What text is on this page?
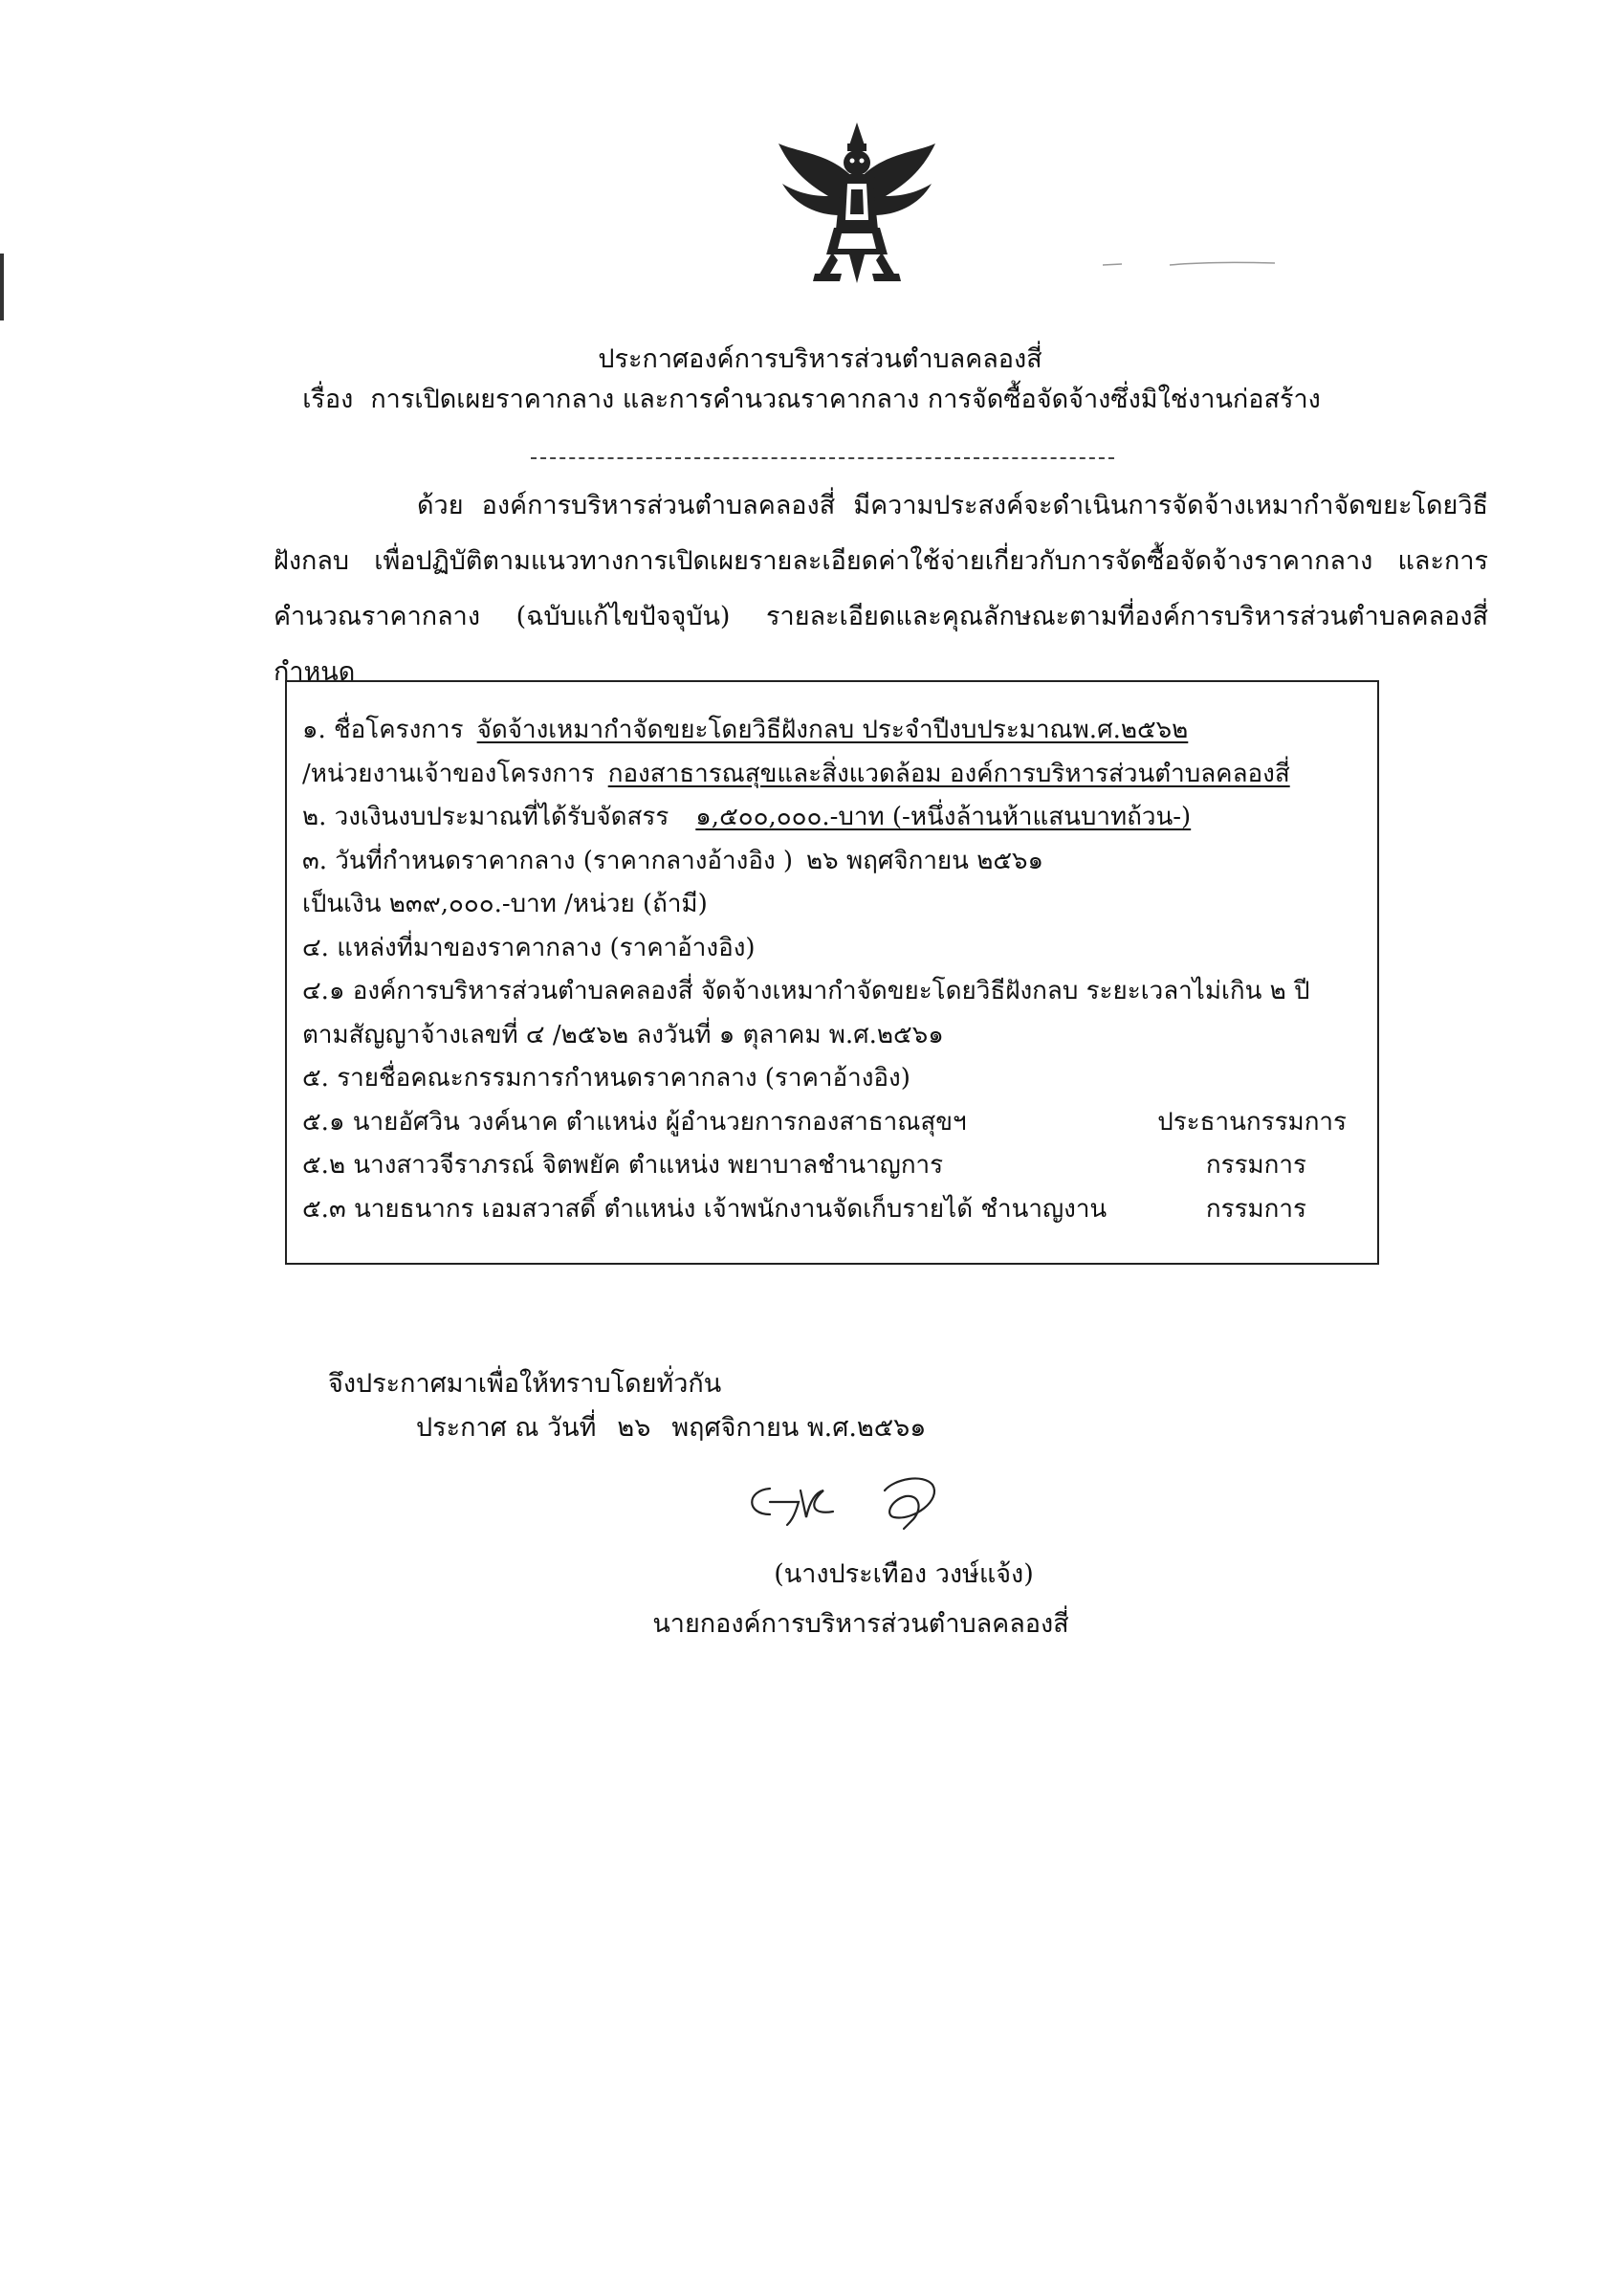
ประกาศองค์การบริหารส่วนตำบลคลองสี่
เรื่อง การเปิดเผยราคากลาง และการคำนวณราคากลาง การจัดซื้อจัดจ้างซึ่งมิใช่งานก่อสร้าง
ด้วย องค์การบริหารส่วนตำบลคลองสี่ มีความประสงค์จะดำเนินการจัดจ้างเหมากำจัดขยะโดยวิธีฝังกลบ เพื่อปฏิบัติตามแนวทางการเปิดเผยรายละเอียดค่าใช้จ่ายเกี่ยวกับการจัดซื้อจัดจ้างราคากลาง และการคำนวณราคากลาง (ฉบับแก้ไขปัจจุบัน) รายละเอียดและคุณลักษณะตามที่องค์การบริหารส่วนตำบลคลองสี่กำหนด
๑. ชื่อโครงการ จัดจ้างเหมากำจัดขยะโดยวิธีฝังกลบ ประจำปีงบประมาณพ.ศ.๒๕๖๒
/หน่วยงานเจ้าของโครงการ กองสาธารณสุขและสิ่งแวดล้อม องค์การบริหารส่วนตำบลคลองสี่
๒. วงเงินงบประมาณที่ได้รับจัดสรร ๑,๕๐๐,๐๐๐.-บาท (-หนึ่งล้านห้าแสนบาทถ้วน-)
๓. วันที่กำหนดราคากลาง (ราคากลางอ้างอิง ) ๒๖ พฤศจิกายน ๒๕๖๑
เป็นเงิน ๒๓๙,๐๐๐.-บาท /หน่วย (ถ้ามี)
๔. แหล่งที่มาของราคากลาง (ราคาอ้างอิง)
๔.๑ องค์การบริหารส่วนตำบลคลองสี่ จัดจ้างเหมากำจัดขยะโดยวิธีฝังกลบ ระยะเวลาไม่เกิน ๒ ปี
ตามสัญญาจ้างเลขที่ ๔ /๒๕๖๒ ลงวันที่ ๑ ตุลาคม พ.ศ.๒๕๖๑
๕. รายชื่อคณะกรรมการกำหนดราคากลาง (ราคาอ้างอิง)
๕.๑ นายอัศวิน วงค์นาค ตำแหน่ง ผู้อำนวยการกองสาธาณสุขฯ	ประธานกรรมการ
๕.๒ นางสาวจีราภรณ์ จิตพยัค ตำแหน่ง พยาบาลชำนาญการ	กรรมการ
๕.๓ นายธนากร เอมสวาสดิ์ ตำแหน่ง เจ้าพนักงานจัดเก็บรายได้ ชำนาญงาน	กรรมการ
จึงประกาศมาเพื่อให้ทราบโดยทั่วกัน
ประกาศ ณ วันที่ ๒๖ พฤศจิกายน พ.ศ.๒๕๖๑
(นางประเทือง วงษ์แจ้ง)
นายกองค์การบริหารส่วนตำบลคลองสี่
